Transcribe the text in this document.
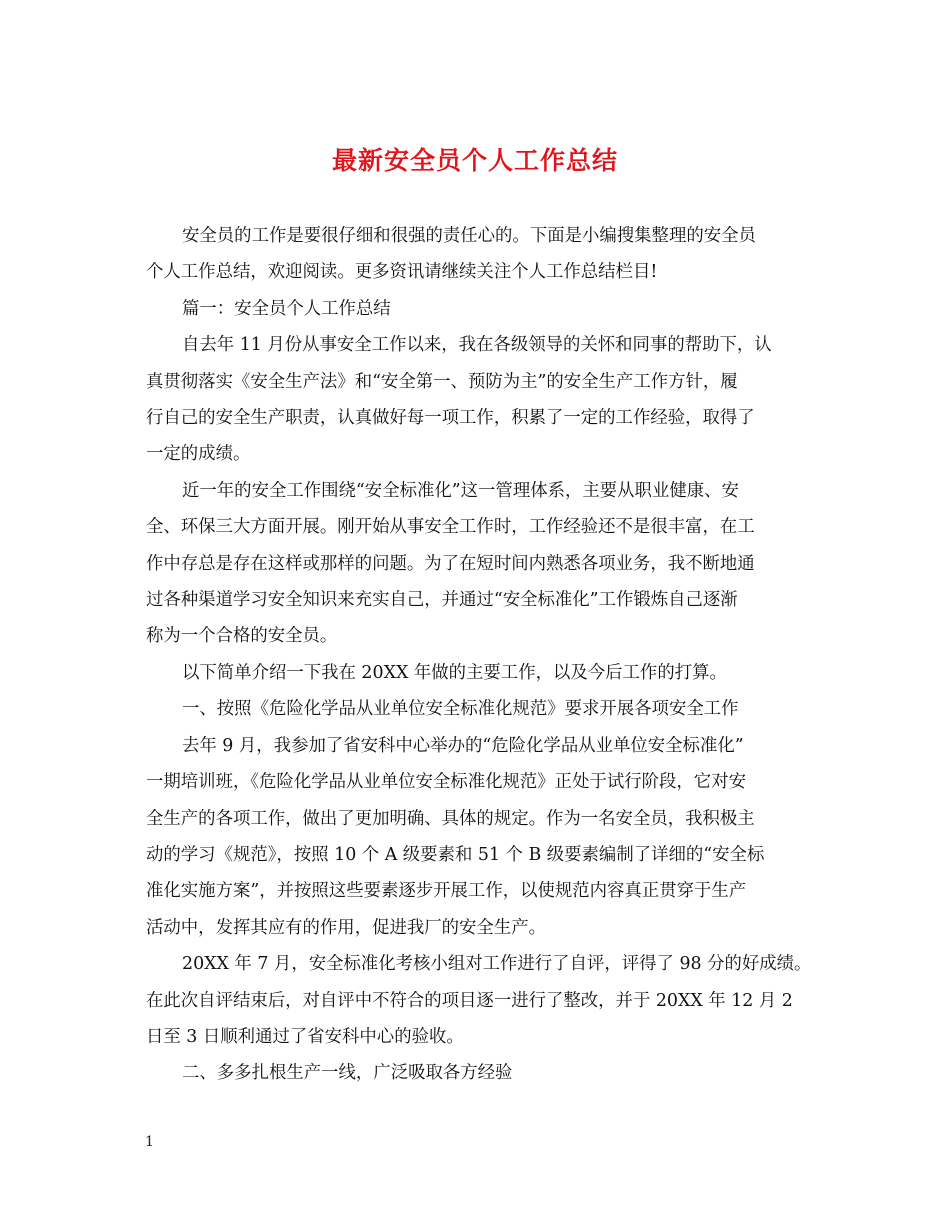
最新安全员个人工作总结

安全员的工作是要很仔细和很强的责任心的。下面是小编搜集整理的安全员

个人工作总结，欢迎阅读。更多资讯请继续关注个人工作总结栏目!

篇一：安全员个人工作总结

自去年 11 月份从事安全工作以来，我在各级领导的关怀和同事的帮助下，认

真贯彻落实《安全生产法》和“安全第一、预防为主”的安全生产工作方针，履

行自己的安全生产职责，认真做好每一项工作，积累了一定的工作经验，取得了

一定的成绩。

近一年的安全工作围绕“安全标准化”这一管理体系，主要从职业健康、安

全、环保三大方面开展。刚开始从事安全工作时，工作经验还不是很丰富，在工

作中存总是存在这样或那样的问题。为了在短时间内熟悉各项业务，我不断地通

过各种渠道学习安全知识来充实自己，并通过“安全标准化”工作锻炼自己逐渐

称为一个合格的安全员。

以下简单介绍一下我在 20XX 年做的主要工作，以及今后工作的打算。

一、按照《危险化学品从业单位安全标准化规范》要求开展各项安全工作

去年 9 月，我参加了省安科中心举办的“危险化学品从业单位安全标准化”

一期培训班，《危险化学品从业单位安全标准化规范》正处于试行阶段，它对安

全生产的各项工作，做出了更加明确、具体的规定。作为一名安全员，我积极主

动的学习《规范》，按照 10 个 A 级要素和 51 个 B 级要素编制了详细的“安全标

准化实施方案”，并按照这些要素逐步开展工作，以使规范内容真正贯穿于生产

活动中，发挥其应有的作用，促进我厂的安全生产。

20XX 年 7 月，安全标准化考核小组对工作进行了自评，评得了 98 分的好成绩。

在此次自评结束后，对自评中不符合的项目逐一进行了整改，并于 20XX 年 12 月 2

日至 3 日顺利通过了省安科中心的验收。

二、多多扎根生产一线，广泛吸取各方经验

1
